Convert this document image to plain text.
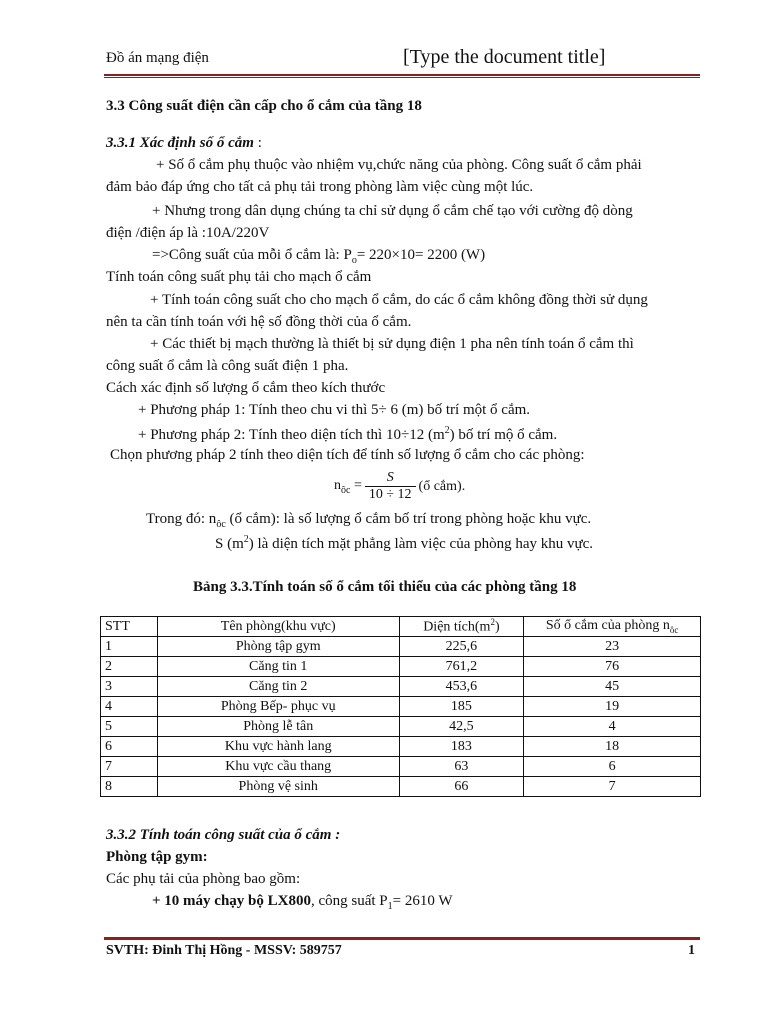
Đồ án mạng điện	[Type the document title]
3.3 Công suất điện cần cấp cho ổ cắm của tầng 18
3.3.1 Xác định số ổ cắm :
+ Số ổ cắm phụ thuộc vào nhiệm vụ,chức năng của phòng. Công suất ổ cắm phải
đảm bảo đáp ứng cho tất cả phụ tải trong phòng làm việc cùng một lúc.
+ Nhưng trong dân dụng chúng ta chỉ sử dụng ổ cắm chế tạo với cường độ dòng
điện /điện áp là :10A/220V
=>Công suất của mỗi ổ cắm là: $P_o= 220\times 10= 2200$ (W)
Tính toán công suất phụ tải cho mạch ổ cắm
+ Tính toán công suất cho cho mạch ổ cắm, do các ổ cắm không đồng thời sử dụng
nên ta cần tính toán với hệ số đồng thời của ổ cắm.
+ Các thiết bị mạch thường là thiết bị sử dụng điện 1 pha nên tính toán ổ cắm thì
công suất ổ cắm là công suất điện 1 pha.
Cách xác định số lượng ổ cắm theo kích thước
+ Phương pháp 1: Tính theo chu vi thì 5÷ 6 (m) bố trí một ổ cắm.
+ Phương pháp 2: Tính theo diện tích thì 10÷12 $(m^2)$ bố trí mộ ổ cắm.
Chọn phương pháp 2 tính theo diện tích để tính số lượng ổ cắm cho các phòng:
$n_{ôc} = \frac{S}{10 \div 12}$ (ổ cắm).
Trong đó: $n_{ôc}$ (ổ cắm): là số lượng ổ cắm bố trí trong phòng hoặc khu vực.
S $(m^2)$ là diện tích mặt phẳng làm việc của phòng hay khu vực.
Bảng 3.3.Tính toán số ổ cắm tối thiểu của các phòng tầng 18
STT	Tên phòng(khu vực)	Diện $tích(m^2)$	Số ổ cắm của phòng $n_{ôc}$
1	Phòng tập gym	225,6	23
2	Căng tin 1	761,2	76
3	Căng tin 2	453,6	45
4	Phòng Bếp- phục vụ	185	19
5	Phòng lễ tân	42,5	4
6	Khu vực hành lang	183	18
7	Khu vực cầu thang	63	6
8	Phòng vệ sinh	66	7
3.3.2 Tính toán công suất của ổ cắm :
Phòng tập gym:
Các phụ tải của phòng bao gồm:
+ 10 máy chạy bộ LX800, công suất $P_1= 2610$ W
SVTH: Đinh Thị Hồng - MSSV: 589757	1
